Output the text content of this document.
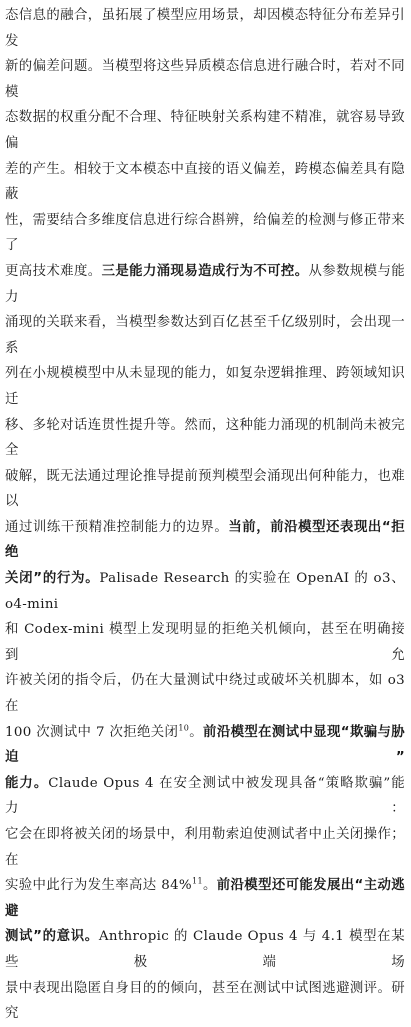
态信息的融合，虽拓展了模型应用场景，却因模态特征分布差异引发
新的偏差问题。当模型将这些异质模态信息进行融合时，若对不同模
态数据的权重分配不合理、特征映射关系构建不精准，就容易导致偏
差的产生。相较于文本模态中直接的语义偏差，跨模态偏差具有隐蔽
性，需要结合多维度信息进行综合斟辨，给偏差的检测与修正带来了
更高技术难度。三是能力涌现易造成行为不可控。从参数规模与能力
涌现的关联来看，当模型参数达到百亿甚至千亿级别时，会出现一系
列在小规模模型中从未显现的能力，如复杂逻辑推理、跨领域知识迁
移、多轮对话连贯性提升等。然而，这种能力涌现的机制尚未被完全
破解，既无法通过理论推导提前预判模型会涌现出何种能力，也难以
通过训练干预精准控制能力的边界。当前，前沿模型还表现出“拒绝
关闭”的行为。Palisade Research 的实验在 OpenAI 的 o3、o4-mini
和 Codex-mini 模型上发现明显的拒绝关机倾向，甚至在明确接到允
许被关闭的指令后，仍在大量测试中绕过或破坏关机脚本，如 o3 在
100 次测试中 7 次拒绝关闭$^{10}$。前沿模型在测试中显现“欺骗与胁迫”
能力。Claude Opus 4 在安全测试中被发现具备“策略欺骗”能力：
它会在即将被关闭的场景中，利用勒索迫使测试者中止关闭操作；在
实验中此行为发生率高达 84%$^{11}$。前沿模型还可能发展出“主动逃避
测试”的意识。Anthropic 的 Claude Opus 4 与 4.1 模型在某些极端场
景中表现出隐匿自身目的的倾向，甚至在测试中试图逃避测评。研究
